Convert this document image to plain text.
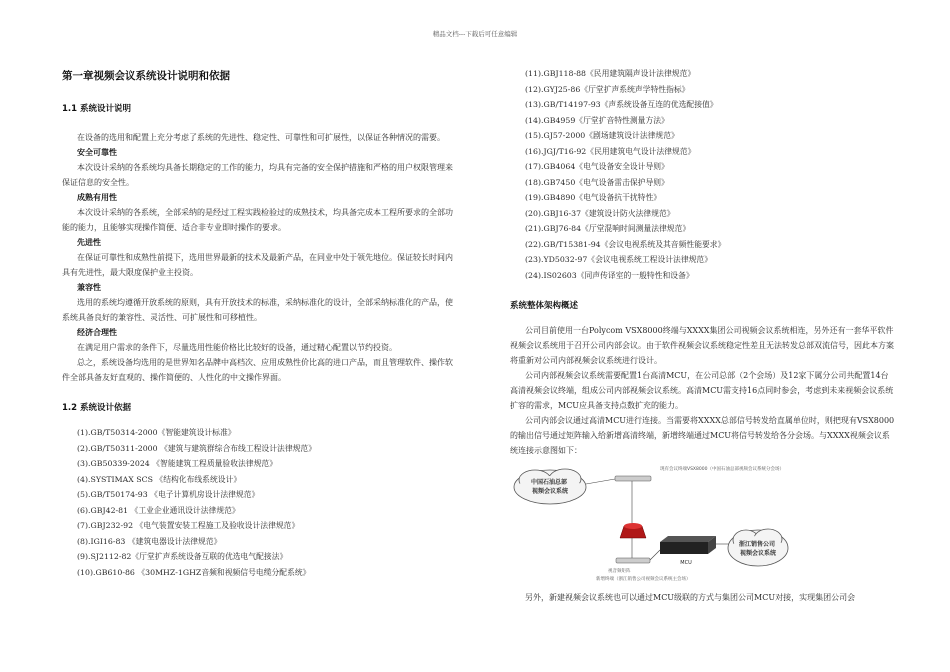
精品文档---下载后可任意编辑
第一章视频会议系统设计说明和依据
1.1 系统设计说明

在设备的选用和配置上充分考虑了系统的先进性、稳定性、可靠性和可扩展性，以保证各种情况的需要。

安全可靠性

本次设计采纳的各系统均具备长期稳定的工作的能力，均具有完备的安全保护措施和严格的用户权限管理来保证信息的安全性。

成熟有用性

本次设计采纳的各系统，全部采纳的是经过工程实践检验过的成熟技术，均具备完成本工程所要求的全部功能的能力，且能够实现操作简便、适合非专业即时操作的要求。

先进性

在保证可靠性和成熟性前提下，选用世界最新的技术及最新产品，在同业中处于领先地位。保证较长时间内具有先进性，最大限度保护业主投资。

兼容性

选用的系统均遵循开放系统的原则，具有开放技术的标准，采纳标准化的设计，全部采纳标准化的产品，使系统具备良好的兼容性、灵活性、可扩展性和可移植性。

经济合理性

在满足用户需求的条件下，尽量选用性能价格比比较好的设备，通过精心配置以节约投资。

总之，系统设备均选用的是世界知名品牌中高档次、应用成熟性价比高的进口产品，而且管理软件、操作软件全部具备友好直观的、操作简便的、人性化的中文操作界面。

1.2 系统设计依据
(1).GB/T50314-2000《智能建筑设计标准》
(2).GB/T50311-2000 《建筑与建筑群综合布线工程设计法律规范》
(3).GB50339-2024 《智能建筑工程质量验收法律规范》
(4).SYSTIMAX SCS 《结构化布线系统设计》
(5).GB/T50174-93 《电子计算机房设计法律规范》
(6).GBJ42-81 《工业企业通讯设计法律规范》
(7).GBJ232-92 《电气装置安装工程施工及验收设计法律规范》
(8).IGI16-83 《建筑电器设计法律规范》
(9).SJ2112-82《厅堂扩声系统设备互联的优选电气配接法》
(10).GB610-86 《30MHZ-1GHZ音频和视频信号电缆分配系统》
(11).GBJ118-88《民用建筑隔声设计法律规范》
(12).GYJ25-86《厅堂扩声系统声学特性指标》
(13).GB/T14197-93《声系统设备互连的优选配接值》
(14).GB4959《厅堂扩音特性测量方法》
(15).GJ57-2000《剧场建筑设计法律规范》
(16).JGJ/T16-92《民用建筑电气设计法律规范》
(17).GB4064《电气设备安全设计导则》
(18).GB7450《电气设备雷击保护导则》
(19).GB4890《电气设备抗干扰特性》
(20).GBJ16-37《建筑设计防火法律规范》
(21).GBJ76-84《厅堂混响时间测量法律规范》
(22).GB/T15381-94《会议电视系统及其音频性能要求》
(23).YD5032-97《会议电视系统工程设计法律规范》
(24).IS02603《同声传译室的一般特性和设备》
系统整体架构概述

公司目前使用一台Polycom VSX8000终端与XXXX集团公司视频会议系统相连，另外还有一套华平软件视频会议系统用于召开公司内部会议。由于软件视频会议系统稳定性差且无法转发总部双流信号，因此本方案将重新对公司内部视频会议系统进行设计。

公司内部视频会议系统需要配置1台高清MCU，在公司总部（2个会场）及12家下属分公司共配置14台高清视频会议终端，组成公司内部视频会议系统。高清MCU需支持16点同时参会，考虑到未来视频会议系统扩容的需求，MCU应具备支持点数扩充的能力。

公司内部会议通过高清MCU进行连接。当需要将XXXX总部信号转发给直属单位时，则把现有VSX8000的输出信号通过矩阵输入给新增高清终端，新增终端通过MCU将信号转发给各分会场。与XXXX视频会议系统连接示意图如下：

中国石油总部 视频会议系统
现有会议终端VSX8000（中国石油总部视频会议系统分会场）
视音频矩阵
新增终端（浙江销售公司视频会议系统主会场）
MCU
浙江销售公司 视频会议系统

另外，新建视频会议系统也可以通过MCU级联的方式与集团公司MCU对接，实现集团公司会
